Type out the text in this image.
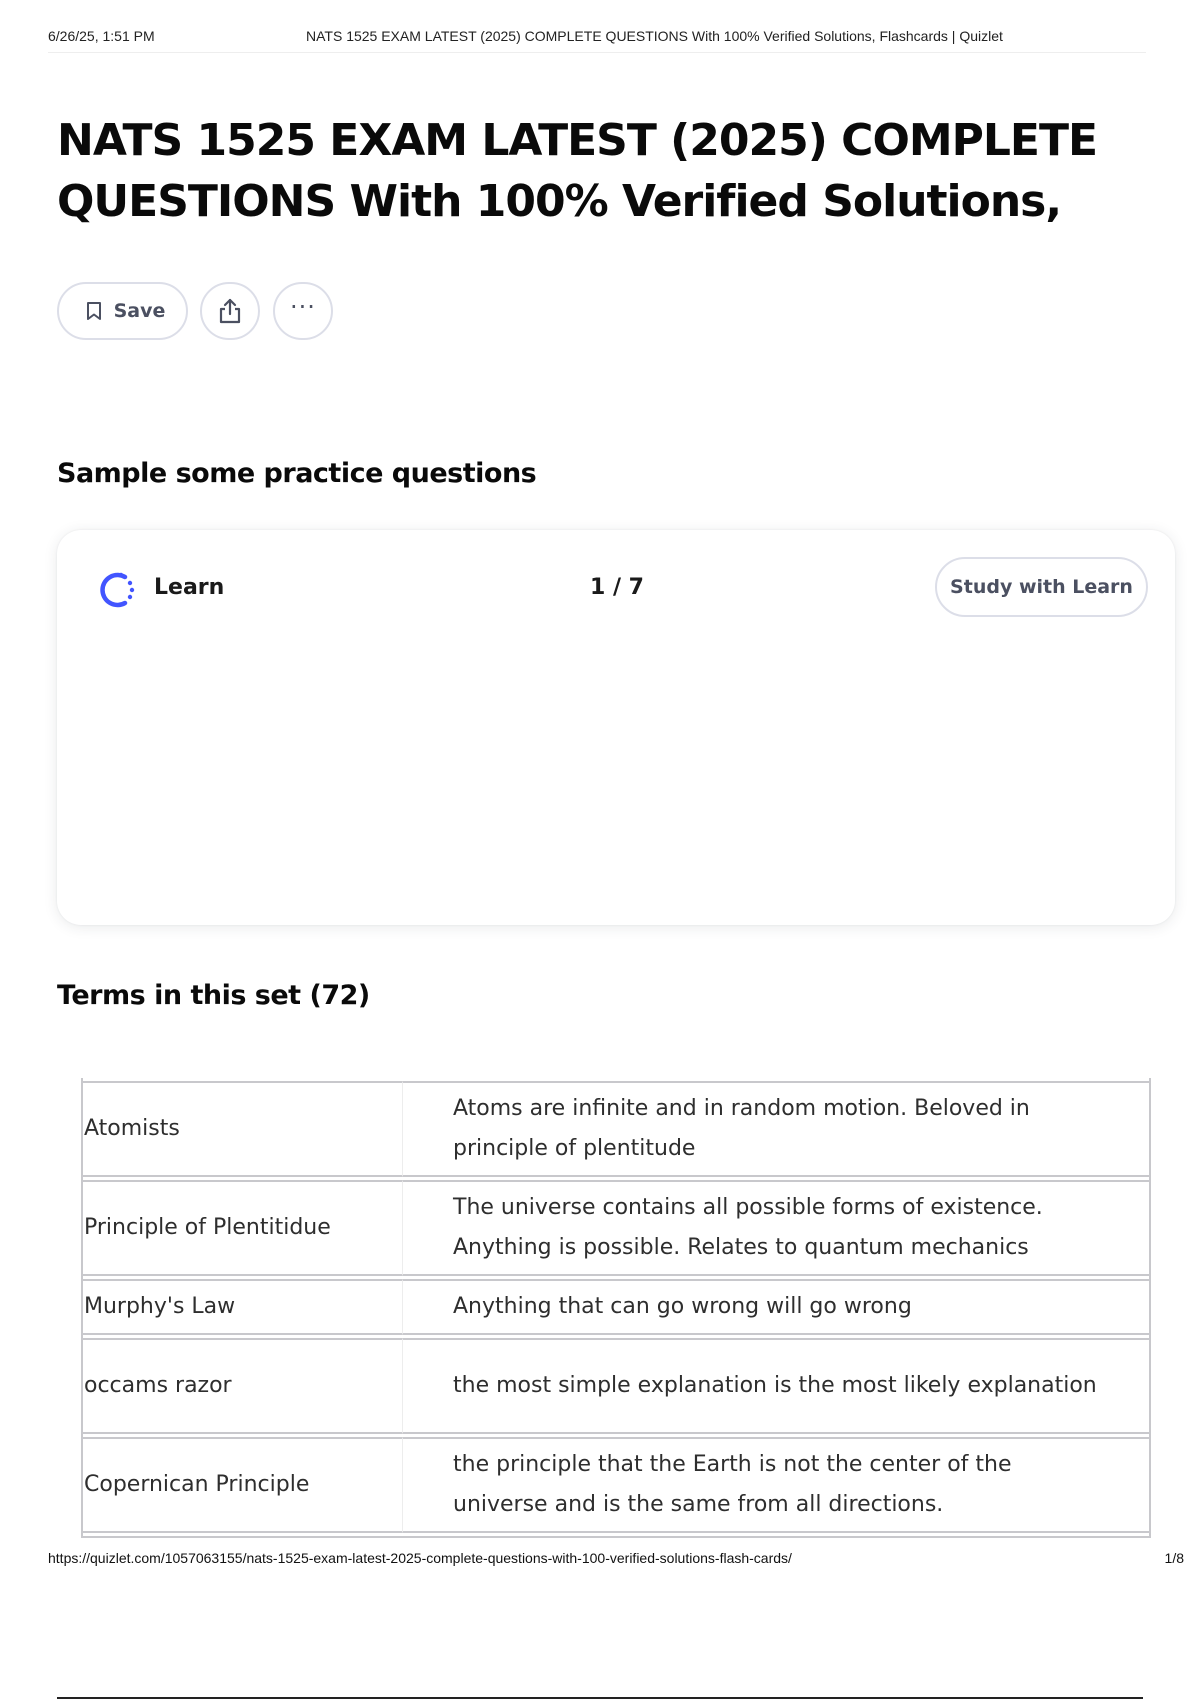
6/26/25, 1:51 PM	NATS 1525 EXAM LATEST (2025) COMPLETE QUESTIONS With 100% Verified Solutions, Flashcards | Quizlet
NATS 1525 EXAM LATEST (2025) COMPLETE QUESTIONS With 100% Verified Solutions,
Save	···
Sample some practice questions
Learn	1 / 7	Study with Learn
Terms in this set (72)
Atomists	Atoms are infinite and in random motion. Beloved in principle of plentitude
Principle of Plentitidue	The universe contains all possible forms of existence. Anything is possible. Relates to quantum mechanics
Murphy's Law	Anything that can go wrong will go wrong
occams razor	the most simple explanation is the most likely explanation
Copernican Principle	the principle that the Earth is not the center of the universe and is the same from all directions.
https://quizlet.com/1057063155/nats-1525-exam-latest-2025-complete-questions-with-100-verified-solutions-flash-cards/	1/8
